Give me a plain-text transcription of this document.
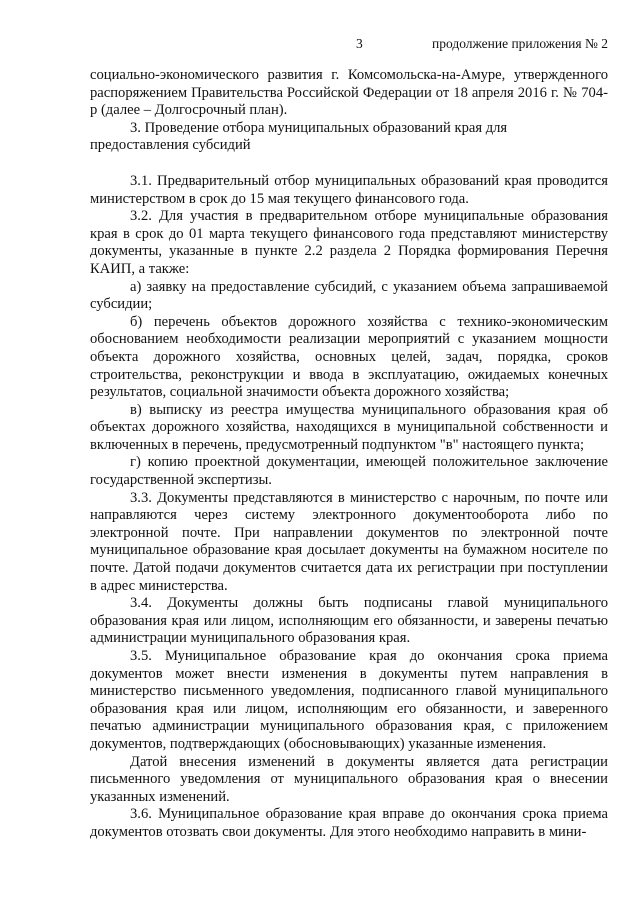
3	продолжение приложения № 2

социально-экономического развития г. Комсомольска-на-Амуре, утвержденного распоряжением Правительства Российской Федерации от 18 апреля 2016 г. № 704-р (далее – Долгосрочный план).

3. Проведение отбора муниципальных образований края для предоставления субсидий

3.1. Предварительный отбор муниципальных образований края проводится министерством в срок до 15 мая текущего финансового года.

3.2. Для участия в предварительном отборе муниципальные образования края в срок до 01 марта текущего финансового года представляют министерству документы, указанные в пункте 2.2 раздела 2 Порядка формирования Перечня КАИП, а также:

а) заявку на предоставление субсидий, с указанием объема запрашиваемой субсидии;

б) перечень объектов дорожного хозяйства с технико-экономическим обоснованием необходимости реализации мероприятий с указанием мощности объекта дорожного хозяйства, основных целей, задач, порядка, сроков строительства, реконструкции и ввода в эксплуатацию, ожидаемых конечных результатов, социальной значимости объекта дорожного хозяйства;

в) выписку из реестра имущества муниципального образования края об объектах дорожного хозяйства, находящихся в муниципальной собственности и включенных в перечень, предусмотренный подпунктом "в" настоящего пункта;

г) копию проектной документации, имеющей положительное заключение государственной экспертизы.

3.3. Документы представляются в министерство с нарочным, по почте или направляются через систему электронного документооборота либо по электронной почте. При направлении документов по электронной почте муниципальное образование края досылает документы на бумажном носителе по почте. Датой подачи документов считается дата их регистрации при поступлении в адрес министерства.

3.4. Документы должны быть подписаны главой муниципального образования края или лицом, исполняющим его обязанности, и заверены печатью администрации муниципального образования края.

3.5. Муниципальное образование края до окончания срока приема документов может внести изменения в документы путем направления в министерство письменного уведомления, подписанного главой муниципального образования края или лицом, исполняющим его обязанности, и заверенного печатью администрации муниципального образования края, с приложением документов, подтверждающих (обосновывающих) указанные изменения.

Датой внесения изменений в документы является дата регистрации письменного уведомления от муниципального образования края о внесении указанных изменений.

3.6. Муниципальное образование края вправе до окончания срока приема документов отозвать свои документы. Для этого необходимо направить в мини-
